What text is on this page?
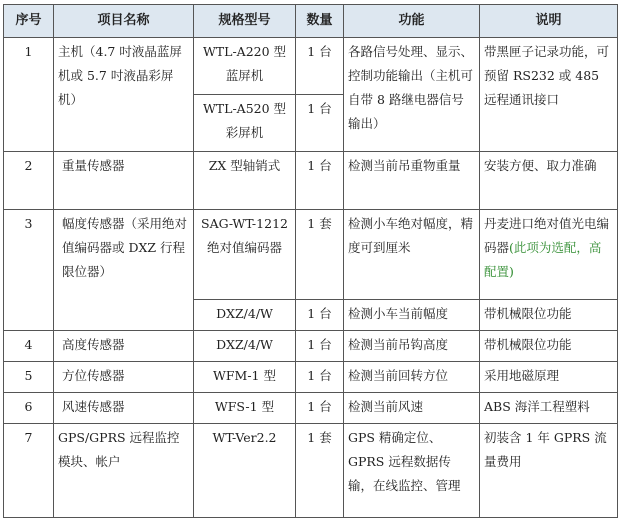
序号	项目名称	规格型号	数量	功能	说明
1	主机（4.7 吋液晶蓝屏机或 5.7 吋液晶彩屏机）	WTL-A220 型蓝屏机	1 台	各路信号处理、显示、控制功能输出（主机可自带 8 路继电器信号输出）	带黑匣子记录功能，可预留 RS232 或 485 远程通讯接口
		WTL-A520 型彩屏机	1 台		
2	重量传感器	ZX 型轴销式	1 台	检测当前吊重物重量	安装方便、取力准确
3	幅度传感器（采用绝对值编码器或 DXZ 行程限位器）	SAG-WT-1212 绝对值编码器	1 套	检测小车绝对幅度，精度可到厘米	丹麦进口绝对值光电编码器(此项为选配，高配置)
		DXZ/4/W	1 台	检测小车当前幅度	带机械限位功能
4	高度传感器	DXZ/4/W	1 台	检测当前吊钩高度	带机械限位功能
5	方位传感器	WFM-1 型	1 台	检测当前回转方位	采用地磁原理
6	风速传感器	WFS-1 型	1 台	检测当前风速	ABS 海洋工程塑料
7	GPS/GPRS 远程监控模块、帐户	WT-Ver2.2	1 套	GPS 精确定位、GPRS 远程数据传输，在线监控、管理	初装含 1 年 GPRS 流量费用
